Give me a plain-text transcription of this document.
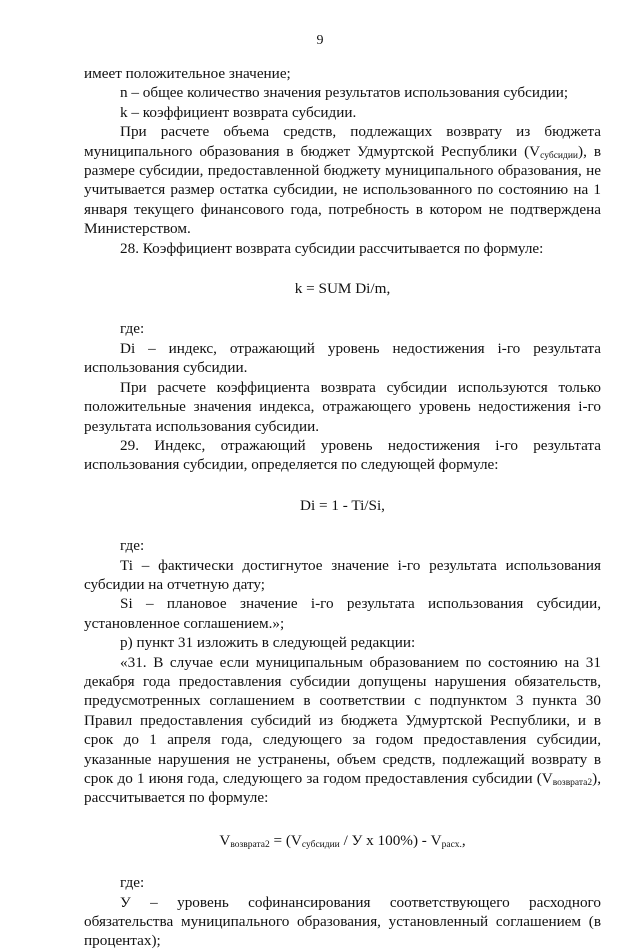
9

имеет положительное значение;

n – общее количество значения результатов использования субсидии;

k – коэффициент возврата субсидии.

При расчете объема средств, подлежащих возврату из бюджета муниципального образования в бюджет Удмуртской Республики $(V_{субсидии})$, в размере субсидии, предоставленной бюджету муниципального образования, не учитывается размер остатка субсидии, не использованного по состоянию на 1 января текущего финансового года, потребность в котором не подтверждена Министерством.

28. Коэффициент возврата субсидии рассчитывается по формуле:

k = SUM Di/m,

где:

Di – индекс, отражающий уровень недостижения i-го результата использования субсидии.

При расчете коэффициента возврата субсидии используются только положительные значения индекса, отражающего уровень недостижения i-го результата использования субсидии.

29. Индекс, отражающий уровень недостижения i-го результата использования субсидии, определяется по следующей формуле:

Di = 1 - Ti/Si,

где:

Ti – фактически достигнутое значение i-го результата использования субсидии на отчетную дату;

Si – плановое значение i-го результата использования субсидии, установленное соглашением.»;

р) пункт 31 изложить в следующей редакции:

«31. В случае если муниципальным образованием по состоянию на 31 декабря года предоставления субсидии допущены нарушения обязательств, предусмотренных соглашением в соответствии с подпунктом 3 пункта 30 Правил предоставления субсидий из бюджета Удмуртской Республики, и в срок до 1 апреля года, следующего за годом предоставления субсидии, указанные нарушения не устранены, объем средств, подлежащий возврату в срок до 1 июня года, следующего за годом предоставления субсидии $(V_{возврата2})$, рассчитывается по формуле:

$V_{возврата2} = (V_{субсидии} / У$ х $100\%) - V_{расх.}$,

где:

У – уровень софинансирования соответствующего расходного обязательства муниципального образования, установленный соглашением (в процентах);
